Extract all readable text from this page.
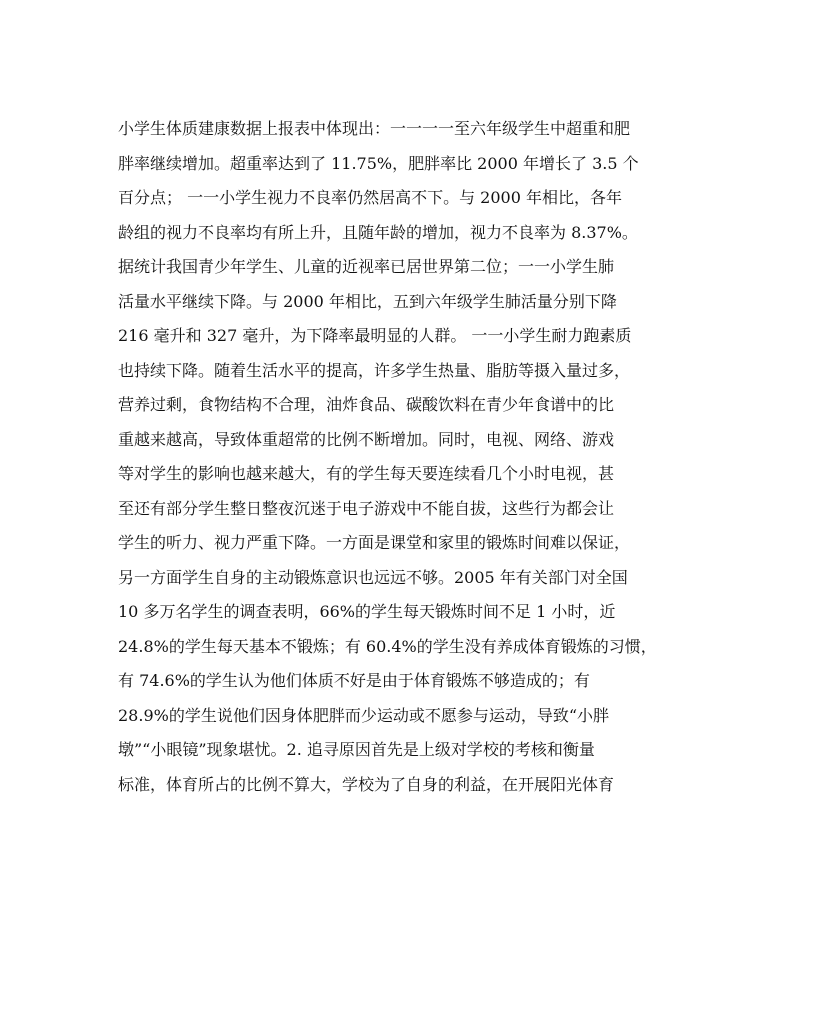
小学生体质建康数据上报表中体现出：一一一一至六年级学生中超重和肥
胖率继续增加。超重率达到了 11.75%，肥胖率比 2000 年增长了 3.5 个
百分点； 一一小学生视力不良率仍然居高不下。与 2000 年相比，各年
龄组的视力不良率均有所上升，且随年龄的增加，视力不良率为 8.37%。
据统计我国青少年学生、儿童的近视率已居世界第二位；一一小学生肺
活量水平继续下降。与 2000 年相比，五到六年级学生肺活量分别下降
216 毫升和 327 毫升，为下降率最明显的人群。 一一小学生耐力跑素质
也持续下降。随着生活水平的提高，许多学生热量、脂肪等摄入量过多，
营养过剩，食物结构不合理，油炸食品、碳酸饮料在青少年食谱中的比
重越来越高，导致体重超常的比例不断增加。同时，电视、网络、游戏
等对学生的影响也越来越大，有的学生每天要连续看几个小时电视，甚
至还有部分学生整日整夜沉迷于电子游戏中不能自拔，这些行为都会让
学生的听力、视力严重下降。一方面是课堂和家里的锻炼时间难以保证，
另一方面学生自身的主动锻炼意识也远远不够。2005 年有关部门对全国
10 多万名学生的调查表明，66%的学生每天锻炼时间不足 1 小时，近
24.8%的学生每天基本不锻炼；有 60.4%的学生没有养成体育锻炼的习惯，
有 74.6%的学生认为他们体质不好是由于体育锻炼不够造成的；有
28.9%的学生说他们因身体肥胖而少运动或不愿参与运动，导致“小胖
墩”“小眼镜”现象堪忧。2. 追寻原因首先是上级对学校的考核和衡量
标准，体育所占的比例不算大，学校为了自身的利益，在开展阳光体育
